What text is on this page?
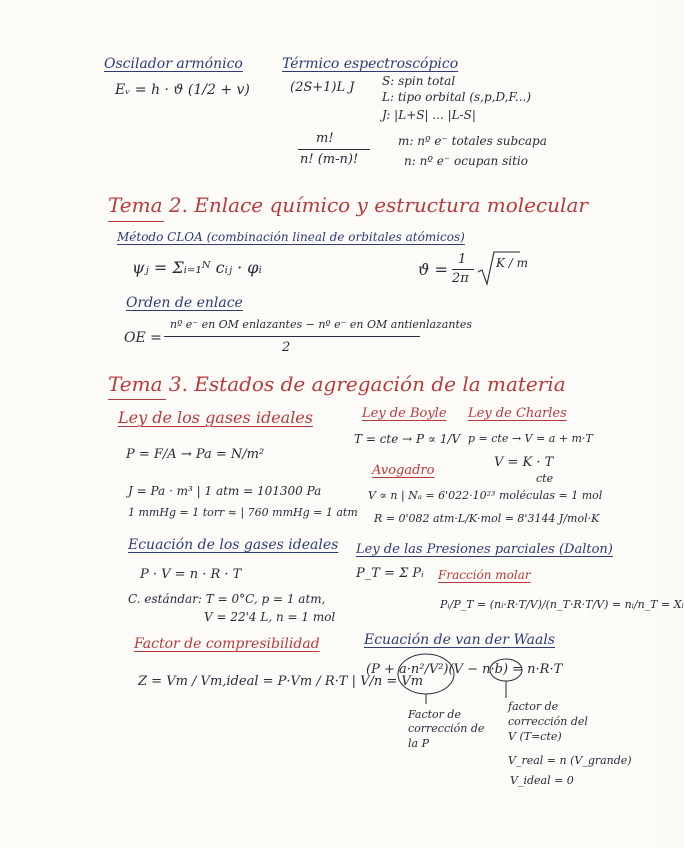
Oscilador armónico
Eᵥ = h · ϑ (1/2 + v)
Térmico espectroscópico
(2S+1)L J S: spin total
L: tipo orbital (s,p,D,F...)
J: |L+S| ... |L-S|
m!
n! (m-n)!
m: nº e⁻ totales subcapa
n: nº e⁻ ocupan sitio
Tema 2. Enlace químico y estructura molecular
Método CLOA (combinación lineal de orbitales atómicos)
ψⱼ = Σᵢ₌₁ᴺ cᵢⱼ · φᵢ	ϑ =
1
2π
K / m
Orden de enlace
OE =
nº e⁻ en OM enlazantes − nº e⁻ en OM antienlazantes
2
Tema 3. Estados de agregación de la materia
Ley de los gases ideales
P = F/A → Pa = N/m²
J = Pa · m³ | 1 atm = 101300 Pa
1 mmHg = 1 torr ≈ | 760 mmHg = 1 atm
Ecuación de los gases ideales
P · V = n · R · T
C. estándar: T = 0°C, p = 1 atm,
V = 22'4 L, n = 1 mol
Factor de compresibilidad
Z = Vm / Vm,ideal = P·Vm / R·T | V/n = Vm
Ley de Boyle
T = cte → P ∝ 1/V
Ley de Charles
p = cte → V = a + m·T
V = K · T
cte
Avogadro
V ∝ n | Nₐ = 6'022·10²³ moléculas = 1 mol
R = 0'082 atm·L/K·mol = 8'3144 J/mol·K
Ley de las Presiones parciales (Dalton)
P_T = Σ Pᵢ Fracción molar
Pᵢ/P_T = (nᵢ·R·T/V)/(n_T·R·T/V) = nᵢ/n_T = Xᵢ
Ecuación de van der Waals
(P + a·n²/V²)(V − n·b) = n·R·T
Factor de corrección de la P
factor de corrección del V (T=cte)
V_real = n (V_grande)
V_ideal = 0
